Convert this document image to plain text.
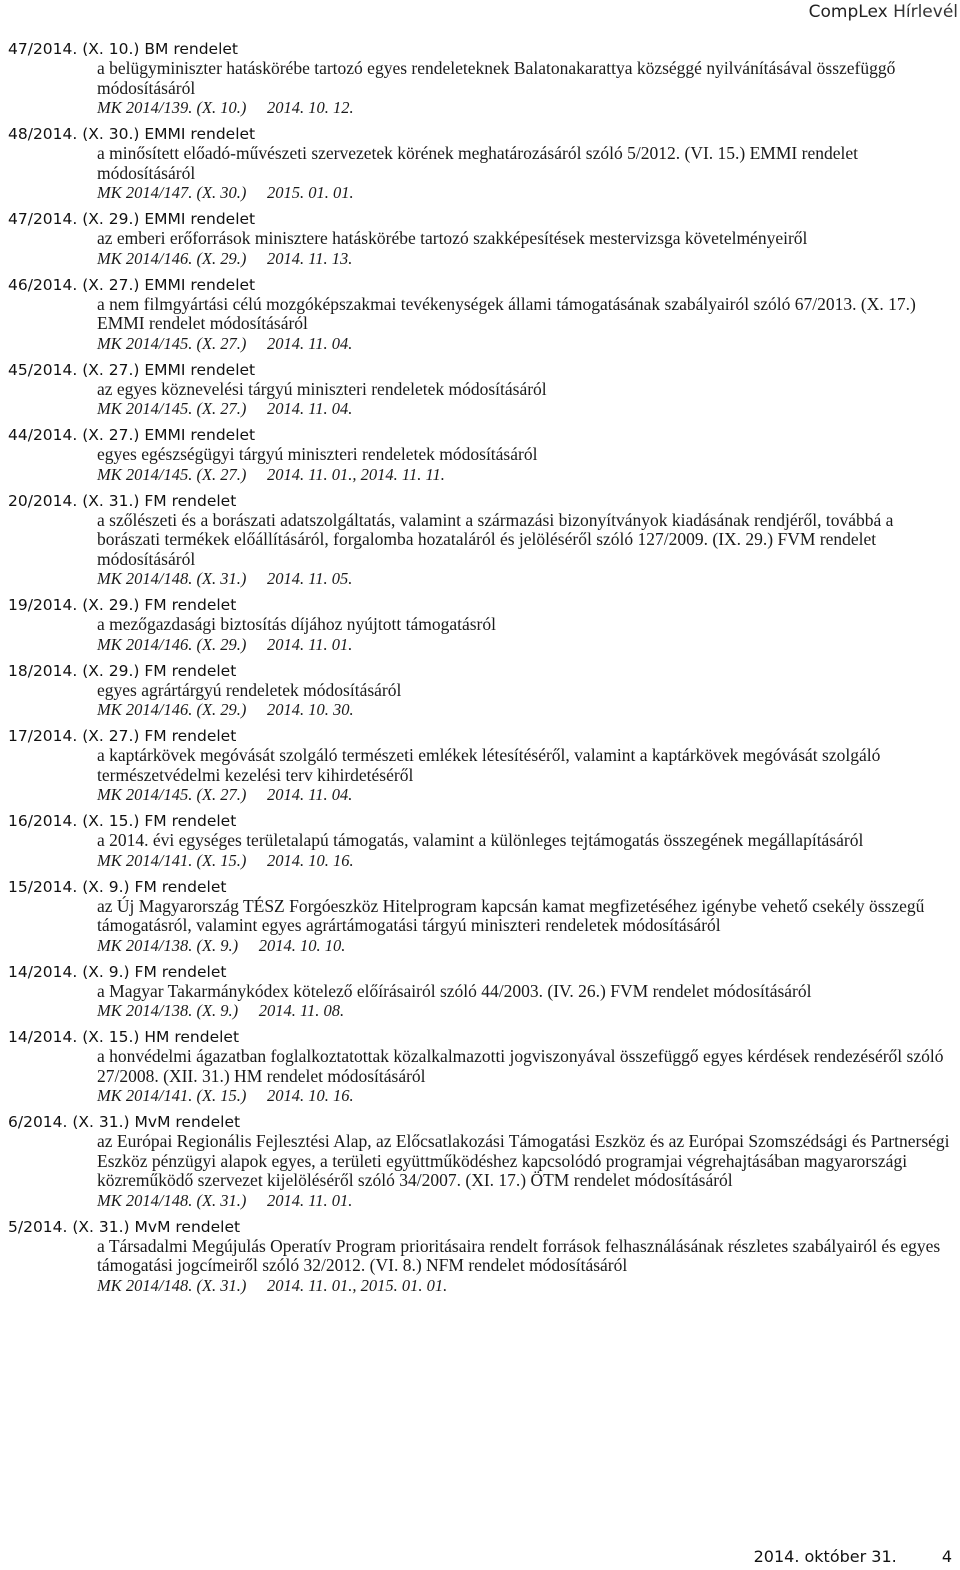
CompLex Hírlevél
47/2014. (X. 10.) BM rendelet
a belügyminiszter hatáskörébe tartozó egyes rendeleteknek Balatonakarattya községgé nyilvánításával összefüggő módosításáról
MK 2014/139. (X. 10.)     2014. 10. 12.
48/2014. (X. 30.) EMMI rendelet
a minősített előadó-művészeti szervezetek körének meghatározásáról szóló 5/2012. (VI. 15.) EMMI rendelet módosításáról
MK 2014/147. (X. 30.)     2015. 01. 01.
47/2014. (X. 29.) EMMI rendelet
az emberi erőforrások minisztere hatáskörébe tartozó szakképesítések mestervizsga követelményeiről
MK 2014/146. (X. 29.)     2014. 11. 13.
46/2014. (X. 27.) EMMI rendelet
a nem filmgyártási célú mozgóképszakmai tevékenységek állami támogatásának szabályairól szóló 67/2013. (X. 17.) EMMI rendelet módosításáról
MK 2014/145. (X. 27.)     2014. 11. 04.
45/2014. (X. 27.) EMMI rendelet
az egyes köznevelési tárgyú miniszteri rendeletek módosításáról
MK 2014/145. (X. 27.)     2014. 11. 04.
44/2014. (X. 27.) EMMI rendelet
egyes egészségügyi tárgyú miniszteri rendeletek módosításáról
MK 2014/145. (X. 27.)     2014. 11. 01., 2014. 11. 11.
20/2014. (X. 31.) FM rendelet
a szőlészeti és a borászati adatszolgáltatás, valamint a származási bizonyítványok kiadásának rendjéről, továbbá a borászati termékek előállításáról, forgalomba hozataláról és jelöléséről szóló 127/2009. (IX. 29.) FVM rendelet módosításáról
MK 2014/148. (X. 31.)     2014. 11. 05.
19/2014. (X. 29.) FM rendelet
a mezőgazdasági biztosítás díjához nyújtott támogatásról
MK 2014/146. (X. 29.)     2014. 11. 01.
18/2014. (X. 29.) FM rendelet
egyes agrártárgyú rendeletek módosításáról
MK 2014/146. (X. 29.)     2014. 10. 30.
17/2014. (X. 27.) FM rendelet
a kaptárkövek megóvását szolgáló természeti emlékek létesítéséről, valamint a kaptárkövek megóvását szolgáló természetvédelmi kezelési terv kihirdetéséről
MK 2014/145. (X. 27.)     2014. 11. 04.
16/2014. (X. 15.) FM rendelet
a 2014. évi egységes területalapú támogatás, valamint a különleges tejtámogatás összegének megállapításáról
MK 2014/141. (X. 15.)     2014. 10. 16.
15/2014. (X. 9.) FM rendelet
az Új Magyarország TÉSZ Forgóeszköz Hitelprogram kapcsán kamat megfizetéséhez igénybe vehető csekély összegű támogatásról, valamint egyes agrártámogatási tárgyú miniszteri rendeletek módosításáról
MK 2014/138. (X. 9.)     2014. 10. 10.
14/2014. (X. 9.) FM rendelet
a Magyar Takarmánykódex kötelező előírásairól szóló 44/2003. (IV. 26.) FVM rendelet módosításáról
MK 2014/138. (X. 9.)     2014. 11. 08.
14/2014. (X. 15.) HM rendelet
a honvédelmi ágazatban foglalkoztatottak közalkalmazotti jogviszonyával összefüggő egyes kérdések rendezéséről szóló 27/2008. (XII. 31.) HM rendelet módosításáról
MK 2014/141. (X. 15.)     2014. 10. 16.
6/2014. (X. 31.) MvM rendelet
az Európai Regionális Fejlesztési Alap, az Előcsatlakozási Támogatási Eszköz és az Európai Szomszédsági és Partnerségi Eszköz pénzügyi alapok egyes, a területi együttműködéshez kapcsolódó programjai végrehajtásában magyarországi közreműködő szervezet kijelöléséről szóló 34/2007. (XI. 17.) ÖTM rendelet módosításáról
MK 2014/148. (X. 31.)     2014. 11. 01.
5/2014. (X. 31.) MvM rendelet
a Társadalmi Megújulás Operatív Program prioritásaira rendelt források felhasználásának részletes szabályairól és egyes támogatási jogcímeiről szóló 32/2012. (VI. 8.) NFM rendelet módosításáról
MK 2014/148. (X. 31.)     2014. 11. 01., 2015. 01. 01.
2014. október 31.	4
